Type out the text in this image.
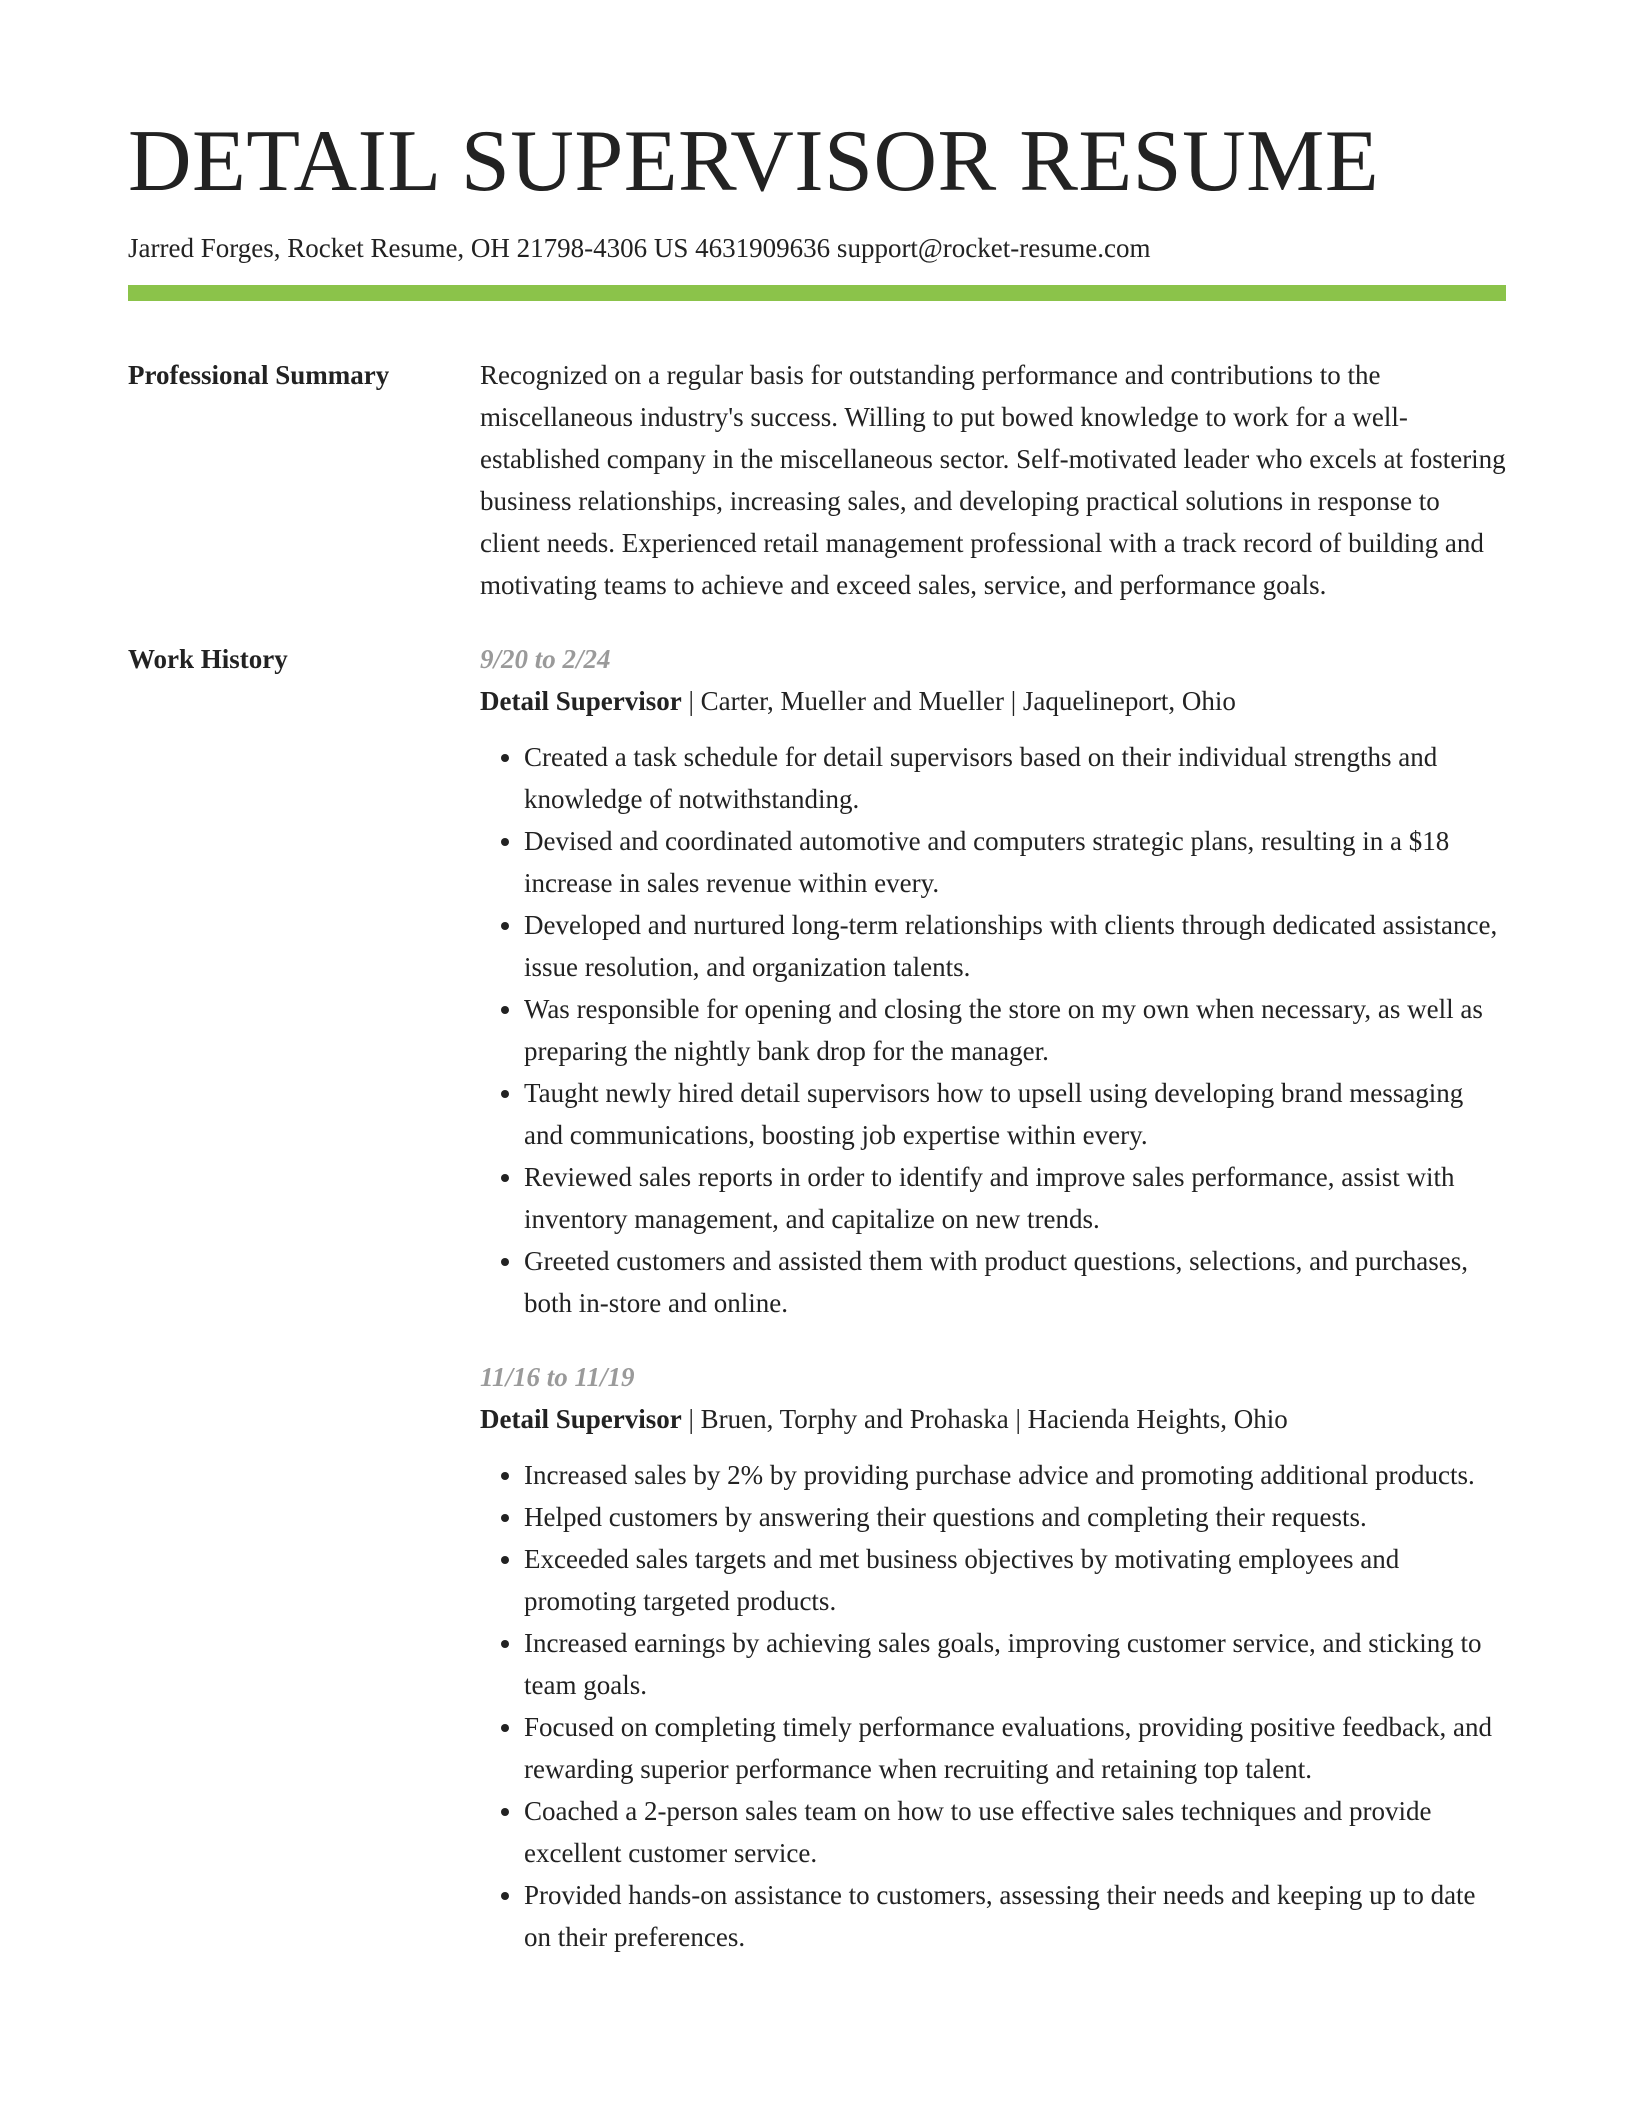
DETAIL SUPERVISOR RESUME
Jarred Forges, Rocket Resume, OH 21798-4306 US 4631909636 support@rocket-resume.com
Professional Summary	Recognized on a regular basis for outstanding performance and contributions to the miscellaneous industry's success. Willing to put bowed knowledge to work for a well-established company in the miscellaneous sector. Self-motivated leader who excels at fostering business relationships, increasing sales, and developing practical solutions in response to client needs. Experienced retail management professional with a track record of building and motivating teams to achieve and exceed sales, service, and performance goals.

Work History	9/20 to 2/24
Detail Supervisor | Carter, Mueller and Mueller | Jaquelineport, Ohio
• Created a task schedule for detail supervisors based on their individual strengths and knowledge of notwithstanding.
• Devised and coordinated automotive and computers strategic plans, resulting in a $18 increase in sales revenue within every.
• Developed and nurtured long-term relationships with clients through dedicated assistance, issue resolution, and organization talents.
• Was responsible for opening and closing the store on my own when necessary, as well as preparing the nightly bank drop for the manager.
• Taught newly hired detail supervisors how to upsell using developing brand messaging and communications, boosting job expertise within every.
• Reviewed sales reports in order to identify and improve sales performance, assist with inventory management, and capitalize on new trends.
• Greeted customers and assisted them with product questions, selections, and purchases, both in-store and online.
11/16 to 11/19
Detail Supervisor | Bruen, Torphy and Prohaska | Hacienda Heights, Ohio
• Increased sales by 2% by providing purchase advice and promoting additional products.
• Helped customers by answering their questions and completing their requests.
• Exceeded sales targets and met business objectives by motivating employees and promoting targeted products.
• Increased earnings by achieving sales goals, improving customer service, and sticking to team goals.
• Focused on completing timely performance evaluations, providing positive feedback, and rewarding superior performance when recruiting and retaining top talent.
• Coached a 2-person sales team on how to use effective sales techniques and provide excellent customer service.
• Provided hands-on assistance to customers, assessing their needs and keeping up to date on their preferences.
